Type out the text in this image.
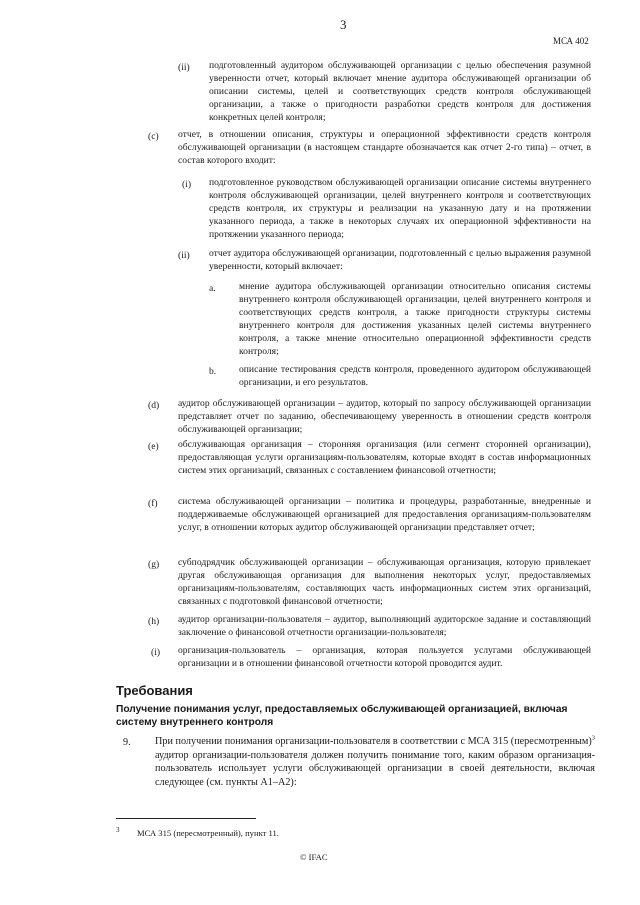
3
МСА 402
(ii) подготовленный аудитором обслуживающей организации с целью обеспечения разумной уверенности отчет, который включает мнение аудитора обслуживающей организации об описании системы, целей и соответствующих средств контроля обслуживающей организации, а также о пригодности разработки средств контроля для достижения конкретных целей контроля;
(c) отчет, в отношении описания, структуры и операционной эффективности средств контроля обслуживающей организации (в настоящем стандарте обозначается как отчет 2-го типа) – отчет, в состав которого входит:
(i) подготовленное руководством обслуживающей организации описание системы внутреннего контроля обслуживающей организации, целей внутреннего контроля и соответствующих средств контроля, их структуры и реализации на указанную дату и на протяжении указанного периода, а также в некоторых случаях их операционной эффективности на протяжении указанного периода;
(ii) отчет аудитора обслуживающей организации, подготовленный с целью выражения разумной уверенности, который включает:
a. мнение аудитора обслуживающей организации относительно описания системы внутреннего контроля обслуживающей организации, целей внутреннего контроля и соответствующих средств контроля, а также пригодности структуры системы внутреннего контроля для достижения указанных целей системы внутреннего контроля, а также мнение относительно операционной эффективности средств контроля;
b. описание тестирования средств контроля, проведенного аудитором обслуживающей организации, и его результатов.
(d) аудитор обслуживающей организации – аудитор, который по запросу обслуживающей организации представляет отчет по заданию, обеспечивающему уверенность в отношении средств контроля обслуживающей организации;
(e) обслуживающая организация – сторонняя организация (или сегмент сторонней организации), предоставляющая услуги организациям-пользователям, которые входят в состав информационных систем этих организаций, связанных с составлением финансовой отчетности;
(f) система обслуживающей организации – политика и процедуры, разработанные, внедренные и поддерживаемые обслуживающей организацией для предоставления организациям-пользователям услуг, в отношении которых аудитор обслуживающей организации представляет отчет;
(g) субподрядчик обслуживающей организации – обслуживающая организация, которую привлекает другая обслуживающая организация для выполнения некоторых услуг, предоставляемых организациям-пользователям, составляющих часть информационных систем этих организаций, связанных с подготовкой финансовой отчетности;
(h) аудитор организации-пользователя – аудитор, выполняющий аудиторское задание и составляющий заключение о финансовой отчетности организации-пользователя;
(i) организация-пользователь – организация, которая пользуется услугами обслуживающей организации и в отношении финансовой отчетности которой проводится аудит.
Требования
Получение понимания услуг, предоставляемых обслуживающей организацией, включая систему внутреннего контроля
9. При получении понимания организации-пользователя в соответствии с МСА 315 (пересмотренным)$^3$ аудитор организации-пользователя должен получить понимание того, каким образом организация-пользователь использует услуги обслуживающей организации в своей деятельности, включая следующее (см. пункты A1–A2):
3 МСА 315 (пересмотренный), пункт 11.
© IFAC
